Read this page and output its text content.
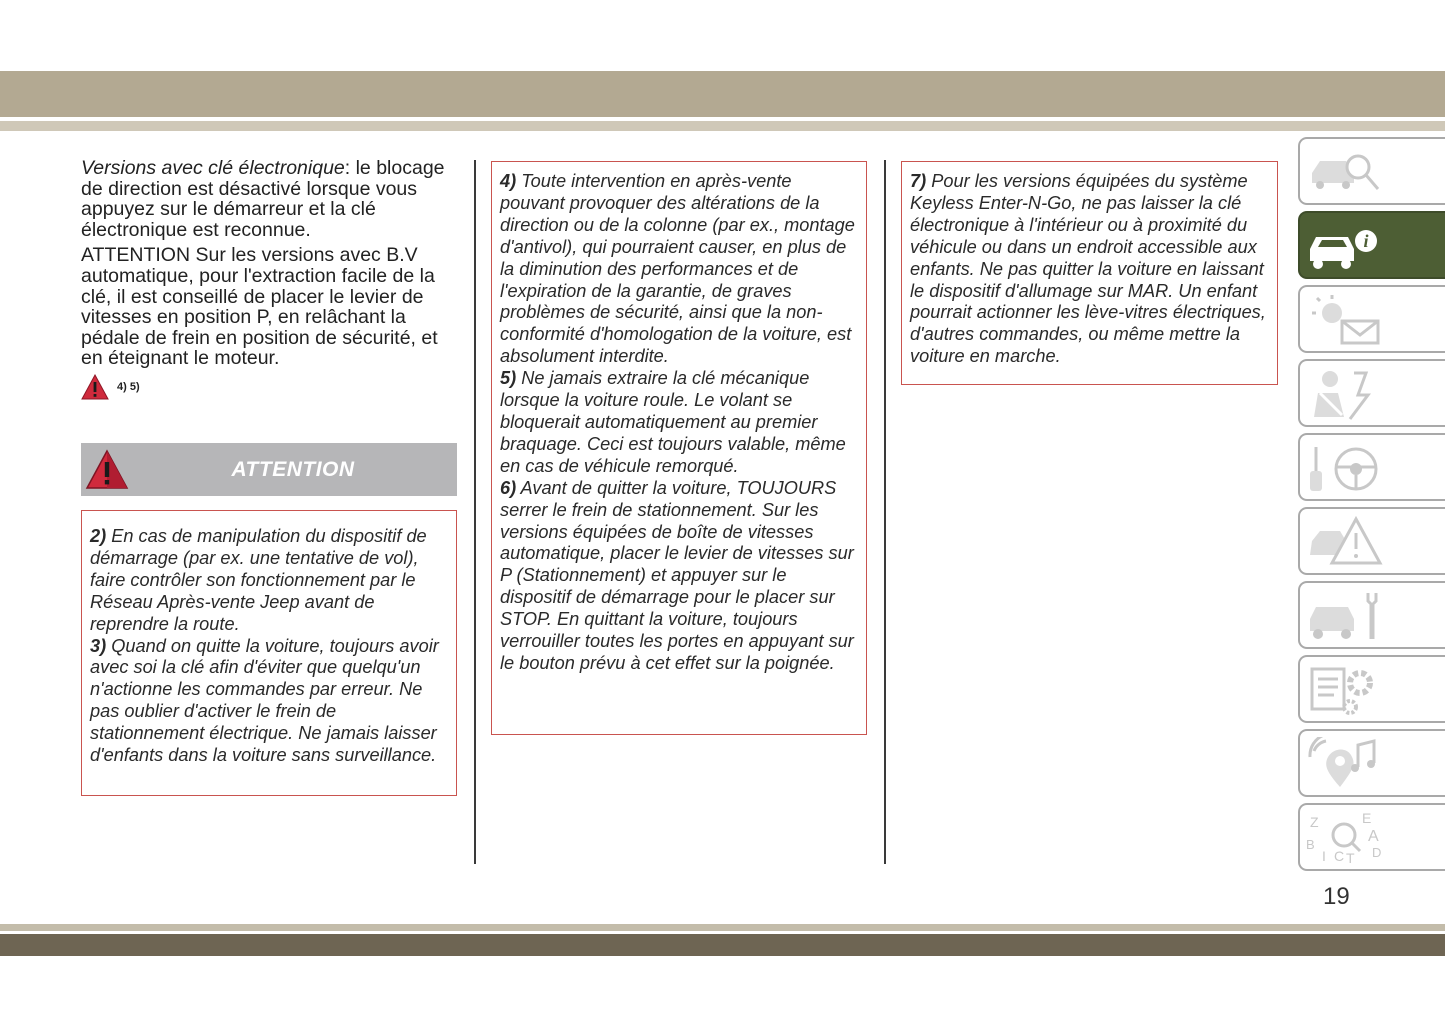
Versions avec clé électronique: le blocage de direction est désactivé lorsque vous appuyez sur le démarreur et la clé électronique est reconnue.

ATTENTION Sur les versions avec B.V automatique, pour l'extraction facile de la clé, il est conseillé de placer le levier de vitesses en position P, en relâchant la pédale de frein en position de sécurité, et en éteignant le moteur.

4) 5)
ATTENTION

2) En cas de manipulation du dispositif de démarrage (par ex. une tentative de vol), faire contrôler son fonctionnement par le Réseau Après-vente Jeep avant de reprendre la route.

3) Quand on quitte la voiture, toujours avoir avec soi la clé afin d'éviter que quelqu'un n'actionne les commandes par erreur. Ne pas oublier d'activer le frein de stationnement électrique. Ne jamais laisser d'enfants dans la voiture sans surveillance.

4) Toute intervention en après-vente pouvant provoquer des altérations de la direction ou de la colonne (par ex., montage d'antivol), qui pourraient causer, en plus de la diminution des performances et de l'expiration de la garantie, de graves problèmes de sécurité, ainsi que la non-conformité d'homologation de la voiture, est absolument interdite.

5) Ne jamais extraire la clé mécanique lorsque la voiture roule. Le volant se bloquerait automatiquement au premier braquage. Ceci est toujours valable, même en cas de véhicule remorqué.

6) Avant de quitter la voiture, TOUJOURS serrer le frein de stationnement. Sur les versions équipées de boîte de vitesses automatique, placer le levier de vitesses sur P (Stationnement) et appuyer sur le dispositif de démarrage pour le placer sur STOP. En quittant la voiture, toujours verrouiller toutes les portes en appuyant sur le bouton prévu à cet effet sur la poignée.

7) Pour les versions équipées du système Keyless Enter-N-Go, ne pas laisser la clé électronique à l'intérieur ou à proximité du véhicule ou dans un endroit accessible aux enfants. Ne pas quitter la voiture en laissant le dispositif d'allumage sur MAR. Un enfant pourrait actionner les lève-vitres électriques, d'autres commandes, ou même mettre la voiture en marche.

i
Z	E
A
B
I C T D
19
